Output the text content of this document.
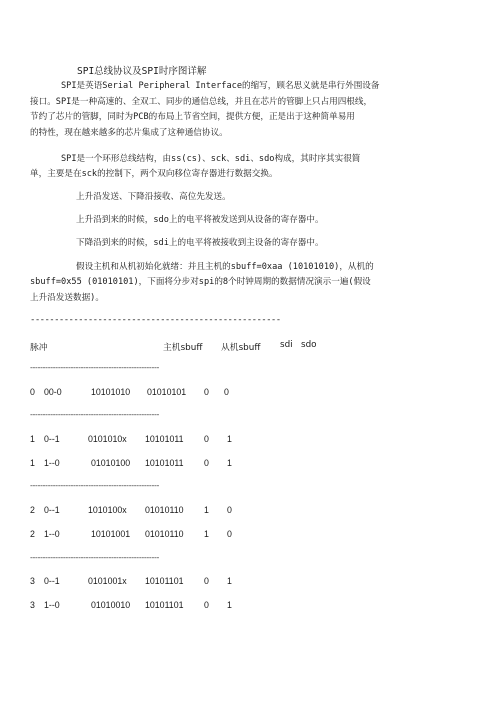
SPI总线协议及SPI时序图详解
SPI是英语Serial Peripheral Interface的缩写，顾名思义就是串行外围设备
接口。SPI是一种高速的、全双工、同步的通信总线，并且在芯片的管脚上只占用四根线，
节约了芯片的管脚，同时为PCB的布局上节省空间，提供方便，正是出于这种简单易用
的特性，现在越来越多的芯片集成了这种通信协议。
SPI是一个环形总线结构，由ss(cs)、sck、sdi、sdo构成，其时序其实很简
单，主要是在sck的控制下，两个双向移位寄存器进行数据交换。
上升沿发送、下降沿接收、高位先发送。
上升沿到来的时候，sdo上的电平将被发送到从设备的寄存器中。
下降沿到来的时候，sdi上的电平将被接收到主设备的寄存器中。
假设主机和从机初始化就绪：并且主机的sbuff=0xaa (10101010)，从机的
sbuff=0x55 (01010101)，下面将分步对spi的8个时钟周期的数据情况演示一遍(假设
上升沿发送数据)。
----------------------------------------------------
脉冲	主机sbuff 从机sbuff sdi sdo
---------------------------------------------------
0 00-0	10101010 01010101 0 0
---------------------------------------------------
1 0--1	0101010x 10101011 0 1
1 1--0	01010100 10101011 0 1
---------------------------------------------------
2 0--1	1010100x 01010110 1 0
2 1--0	10101001 01010110 1 0
---------------------------------------------------
3 0--1	0101001x 10101101 0 1
3 1--0	01010010 10101101 0 1
